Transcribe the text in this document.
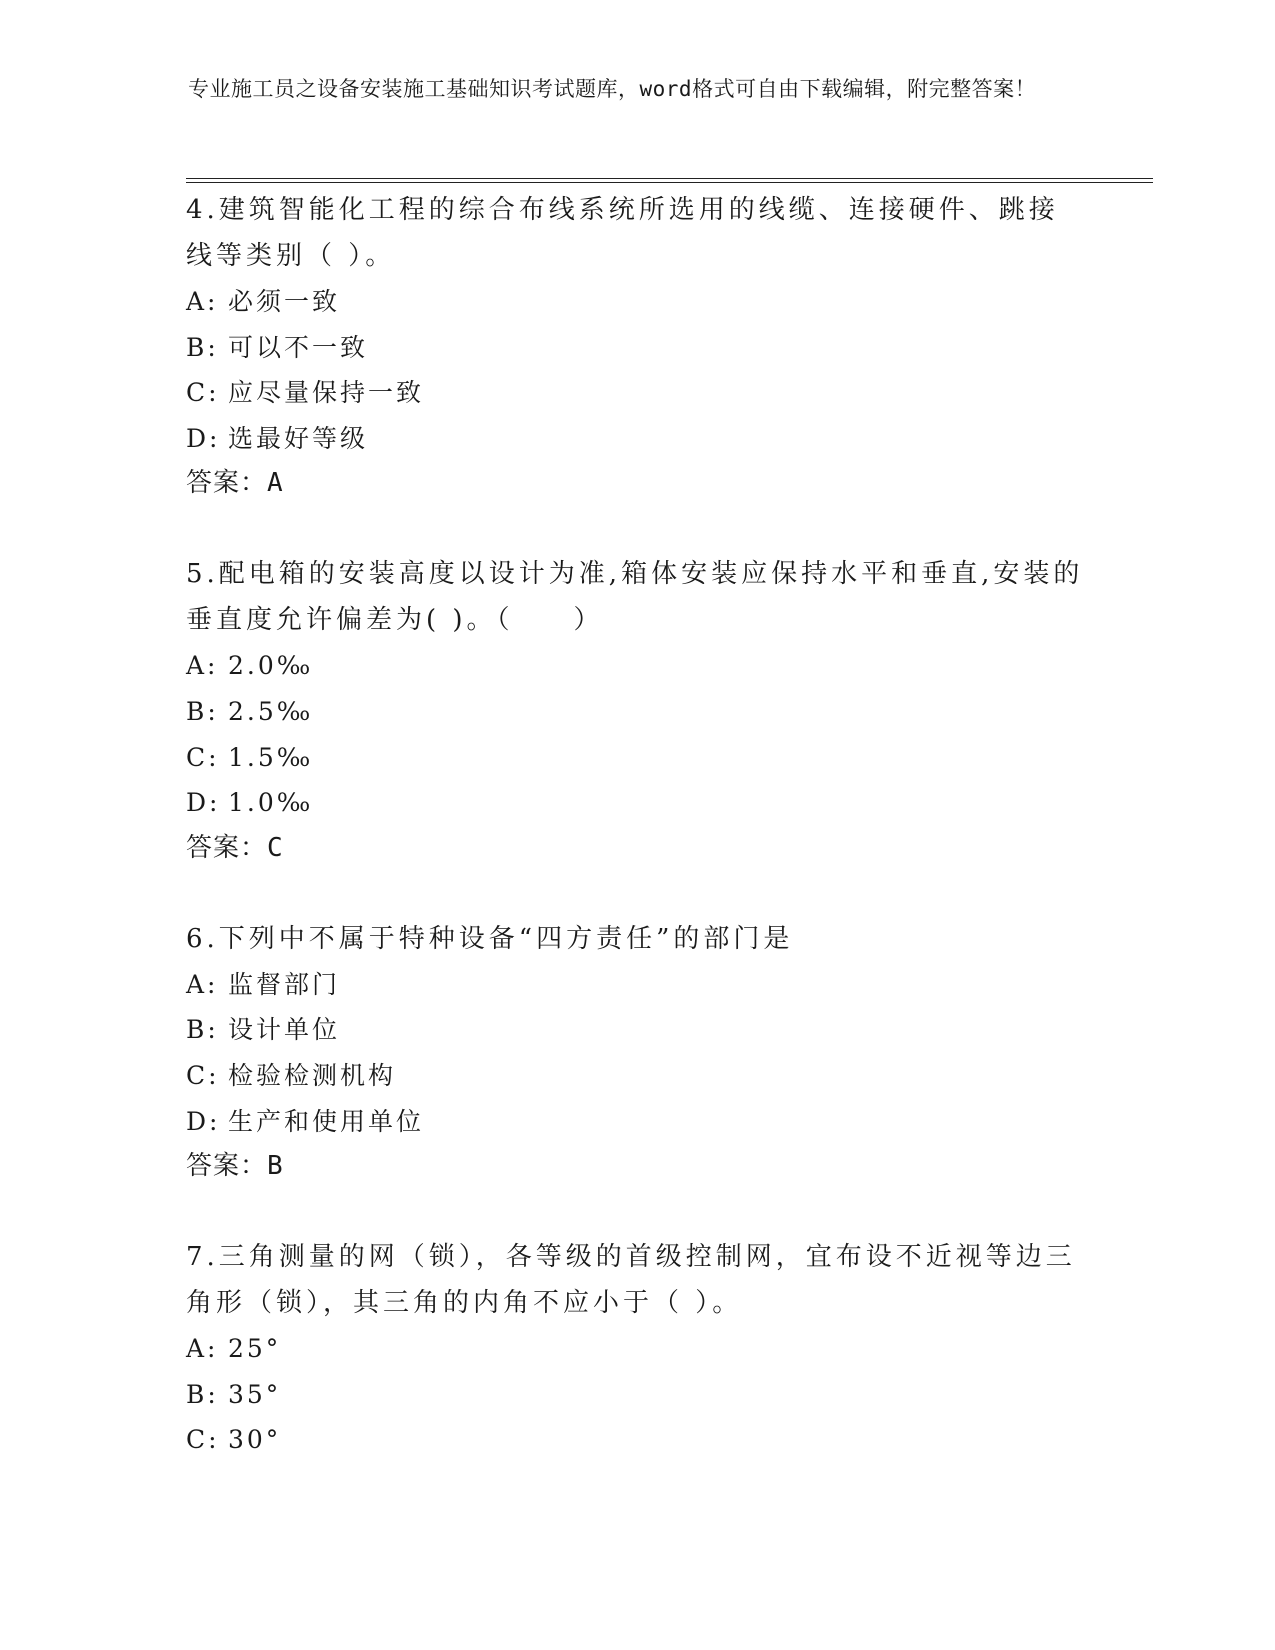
专业施工员之设备安装施工基础知识考试题库，word格式可自由下载编辑，附完整答案！
4.建筑智能化工程的综合布线系统所选用的线缆、连接硬件、跳接线等类别（ ）。
A: 必须一致
B: 可以不一致
C: 应尽量保持一致
D: 选最好等级
答案：A
5.配电箱的安装高度以设计为准,箱体安装应保持水平和垂直,安装的垂直度允许偏差为( )。（　　）
A: 2.0‰
B: 2.5‰
C: 1.5‰
D: 1.0‰
答案：C
6.下列中不属于特种设备“四方责任”的部门是
A: 监督部门
B: 设计单位
C: 检验检测机构
D: 生产和使用单位
答案：B
7.三角测量的网（锁），各等级的首级控制网，宜布设不近视等边三角形（锁），其三角的内角不应小于（ ）。
A: 25°
B: 35°
C: 30°
